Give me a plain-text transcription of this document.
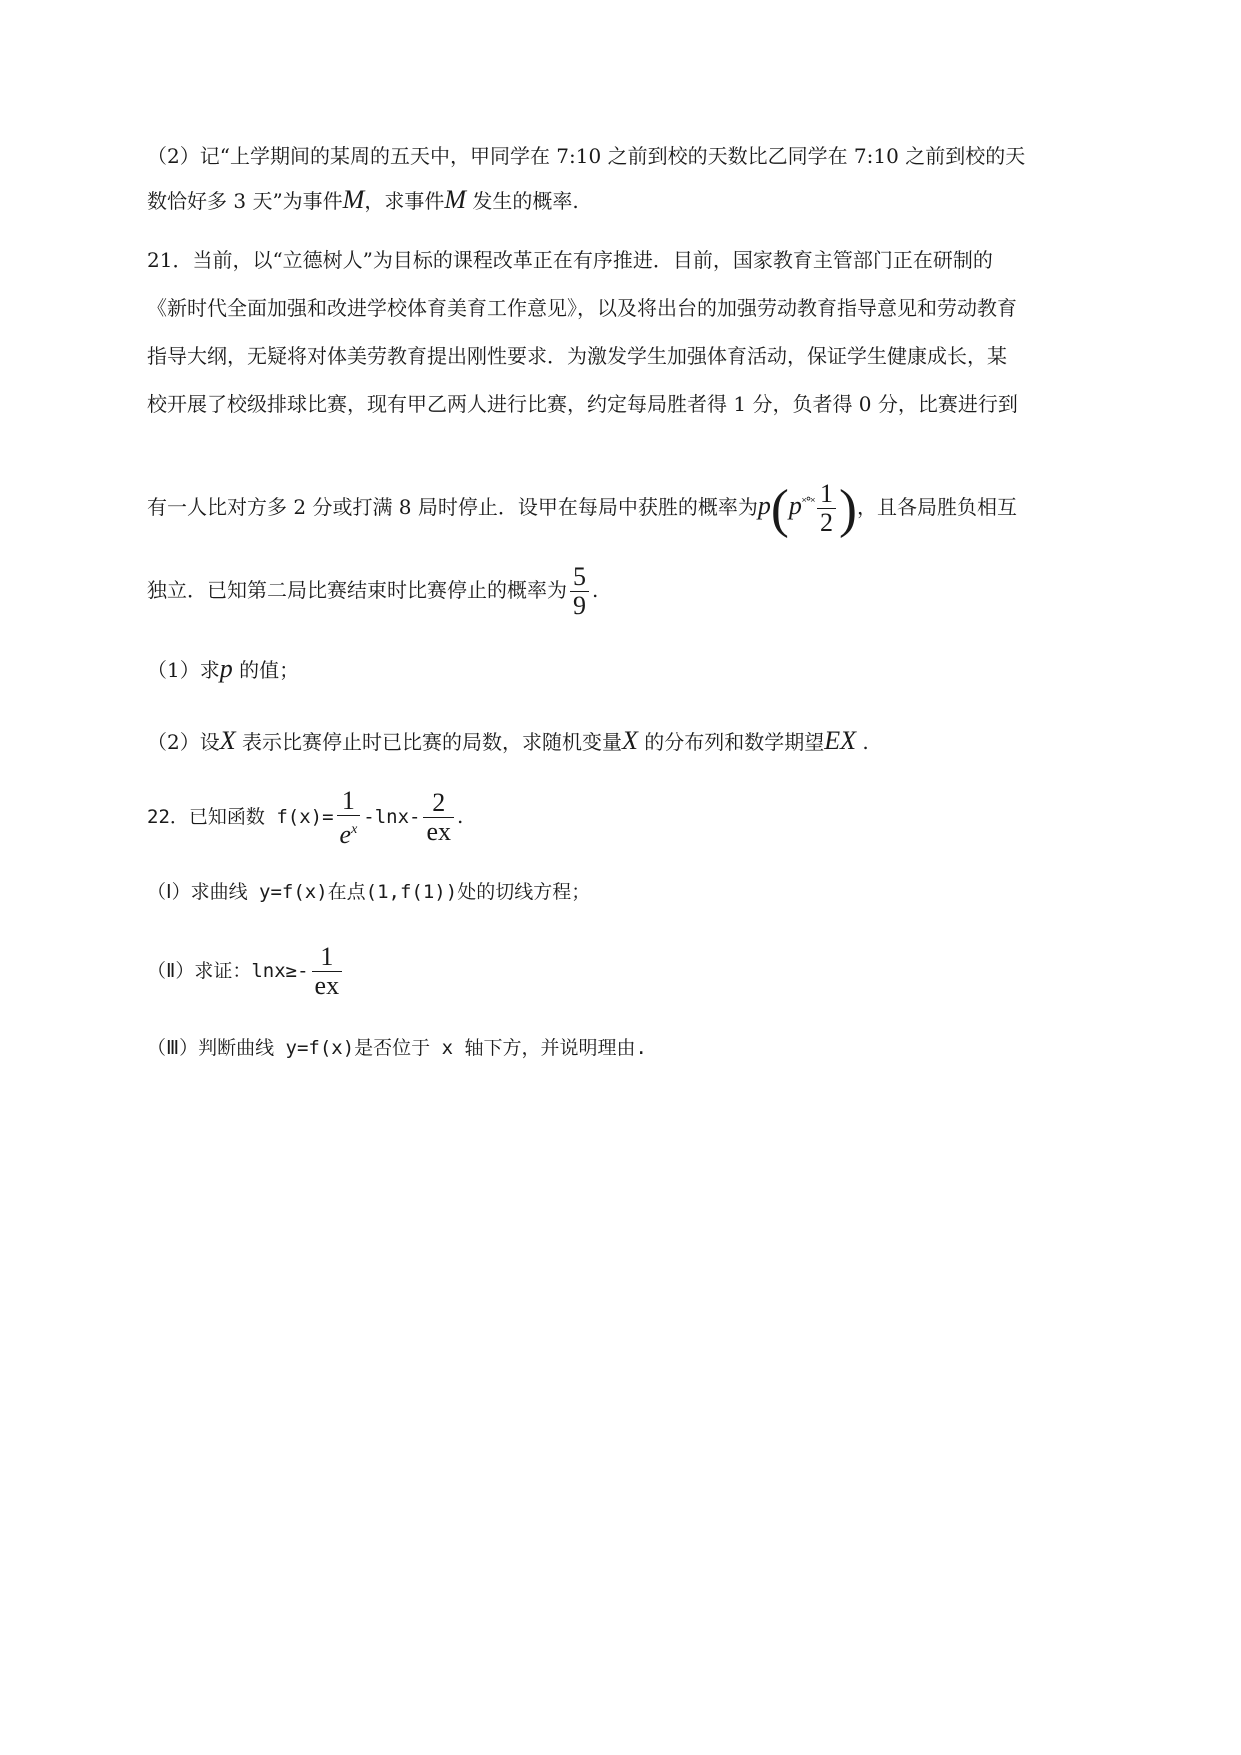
（2）记“上学期间的某周的五天中，甲同学在 7:10 之前到校的天数比乙同学在 7:10 之前到校的天
数恰好多 3 天”为事件M，求事件M 发生的概率.
21．当前，以“立德树人”为目标的课程改革正在有序推进．目前，国家教育主管部门正在研制的
《新时代全面加强和改进学校体育美育工作意见》，以及将出台的加强劳动教育指导意见和劳动教育
指导大纲，无疑将对体美劳教育提出刚性要求．为激发学生加强体育活动，保证学生健康成长，某
校开展了校级排球比赛，现有甲乙两人进行比赛，约定每局胜者得 1 分，负者得 0 分，比赛进行到
有一人比对方多 2 分或打满 8 局时停止．设甲在每局中获胜的概率为$p(p^{˟^\circ˟} \frac{1}{2}$ )，且各局胜负相互
独立．已知第二局比赛结束时比赛停止的概率为 $\frac{5}{9}$ .
（1）求p 的值；
（2）设X 表示比赛停止时已比赛的局数，求随机变量X 的分布列和数学期望EX .
22．已知函数 $f(x)= \frac{1}{e^x} -\ln x- \frac{2}{ex}$ .
（Ⅰ）求曲线 y=f(x)在点(1,f(1))处的切线方程；
（Ⅱ）求证：$\ln x\ge- \frac{1}{ex}$
（Ⅲ）判断曲线 y=f(x)是否位于 x 轴下方，并说明理由.
